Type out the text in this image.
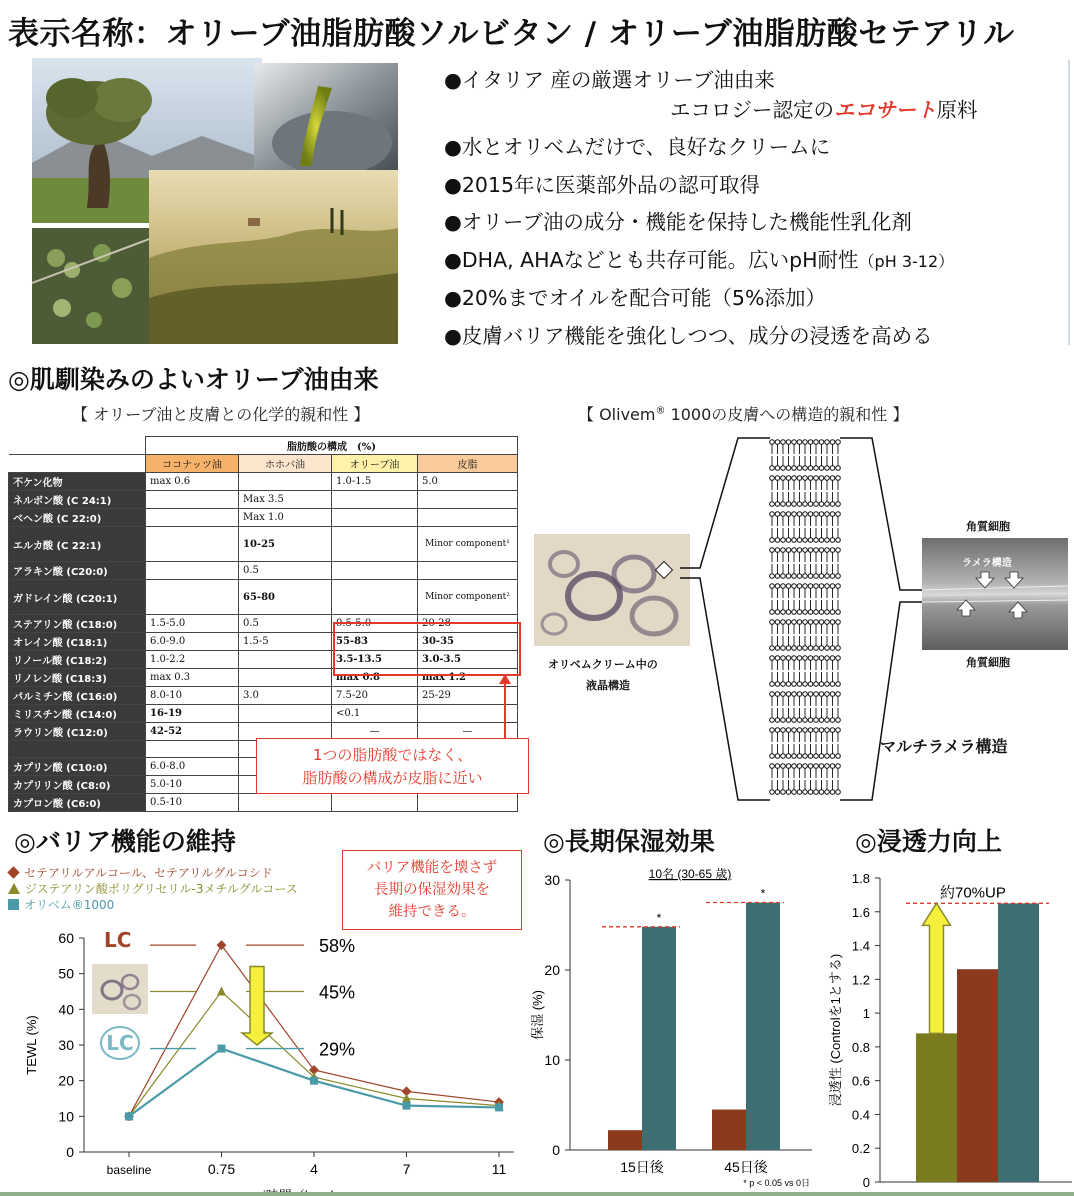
表示名称：オリーブ油脂肪酸ソルビタン / オリーブ油脂肪酸セテアリル
●イタリア 産の厳選オリーブ油由来
エコロジー認定のエコサート原料
●水とオリベムだけで、良好なクリームに
●2015年に医薬部外品の認可取得
●オリーブ油の成分・機能を保持した機能性乳化剤
●DHA, AHAなどとも共存可能。広いpH耐性（pH 3-12）
●20%までオイルを配合可能（5%添加）
●皮膚バリア機能を強化しつつ、成分の浸透を高める
◎肌馴染みのよいオリーブ油由来
【 オリーブ油と皮膚との化学的親和性 】	【 Olivem® 1000の皮膚への構造的親和性 】
	脂肪酸の構成　(%)			
	ココナッツ油	ホホバ油	オリーブ油	皮脂
不ケン化物	max 0.6		1.0-1.5	5.0
ネルボン酸 (C 24:1)		Max 3.5		
ベヘン酸 (C 22:0)		Max 1.0		
エルカ酸 (C 22:1)		10-25		Minor component¹
アラキン酸 (C20:0)		0.5		
ガドレイン酸 (C20:1)		65-80		Minor component²
ステアリン酸 (C18:0)	1.5-5.0	0.5	0.5-5.0	20-28
オレイン酸 (C18:1)	6.0-9.0	1.5-5	55-83	30-35
リノール酸 (C18:2)	1.0-2.2		3.5-13.5	3.0-3.5
リノレン酸 (C18:3)	max 0.3		max 0.8	max 1.2
パルミチン酸 (C16:0)	8.0-10	3.0	7.5-20	25-29
ミリスチン酸 (C14:0)	16-19		<0.1	
ラウリン酸 (C12:0)	42-52		—	—

カプリン酸 (C10:0)	6.0-8.0			
カプリリン酸 (C8:0)	5.0-10			
カプロン酸 (C6:0)	0.5-10			
1つの脂肪酸ではなく、
脂肪酸の構成が皮脂に近い
オリベムクリーム中の
液晶構造
角質細胞
ラメラ構造
角質細胞
マルチラメラ構造
◎バリア機能の維持	◎長期保湿効果	◎浸透力向上
セテアリルアルコール、セテアリルグルコシド
ジステアリン酸ポリグリセリル-3メチルグルコース
オリベム®1000
バリア機能を壊さず
長期の保湿効果を
維持できる。
0
10
20
30
40
50
60
baseline	0.75	4	7	11
TEWL (%)
58%
45%
29%
LC
LC
10名 (30-65 歳)
0
10
20
30
保湿 (%)
*
15日後
*
45日後
* p < 0.05 vs 0日	0
0.2
0.4
0.6
0.8
1
1.2
1.4
1.6
1.8
浸透性 (Controlを1とする)
約70%UP
